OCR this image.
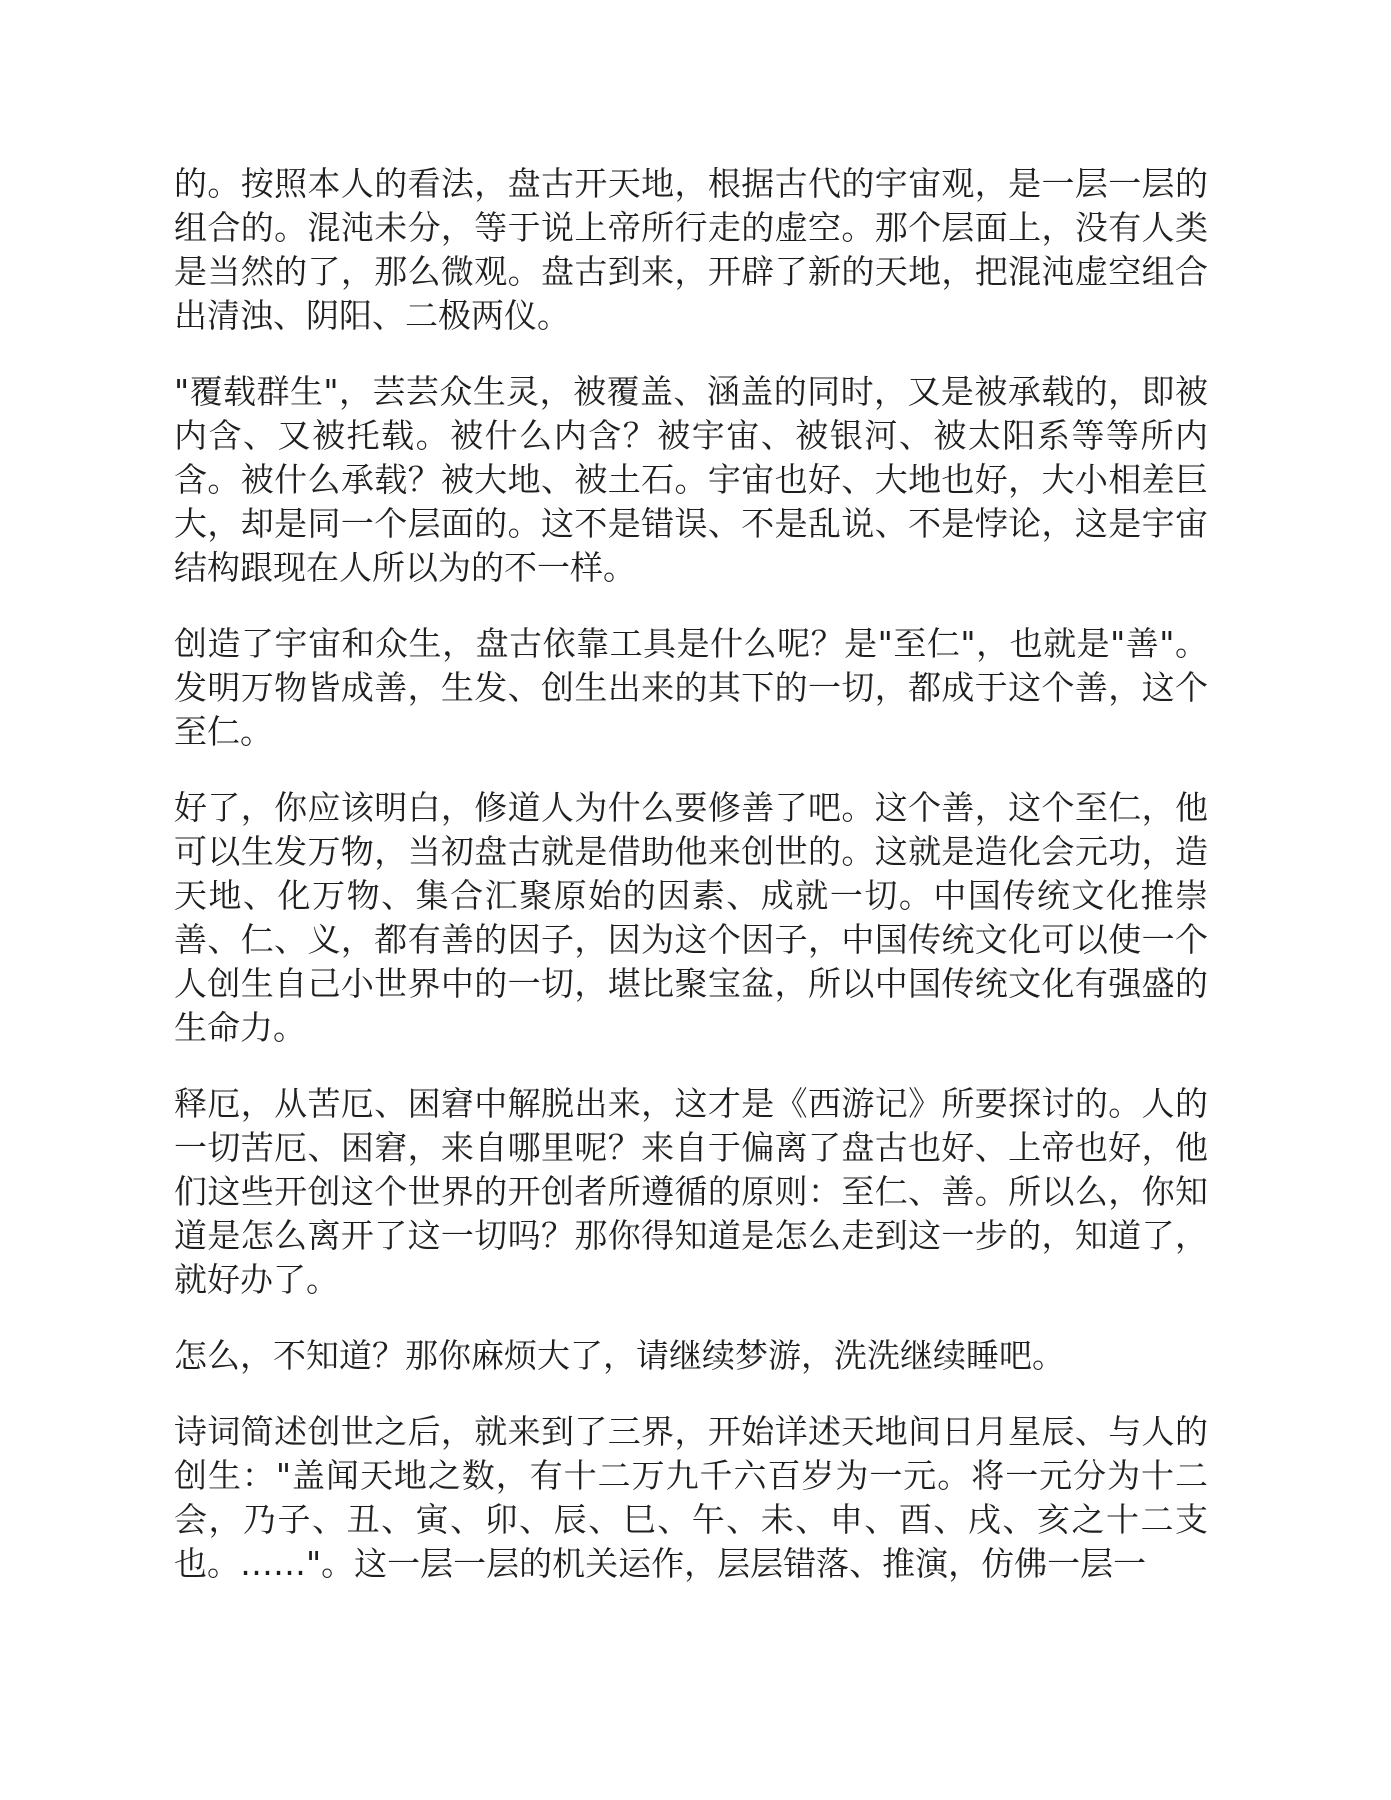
的。按照本人的看法，盘古开天地，根据古代的宇宙观，是一层一层的组合的。混沌未分，等于说上帝所行走的虚空。那个层面上，没有人类是当然的了，那么微观。盘古到来，开辟了新的天地，把混沌虚空组合出清浊、阴阳、二极两仪。

"覆载群生"，芸芸众生灵，被覆盖、涵盖的同时，又是被承载的，即被内含、又被托载。被什么内含？被宇宙、被银河、被太阳系等等所内含。被什么承载？被大地、被土石。宇宙也好、大地也好，大小相差巨大，却是同一个层面的。这不是错误、不是乱说、不是悖论，这是宇宙结构跟现在人所以为的不一样。

创造了宇宙和众生，盘古依靠工具是什么呢？是"至仁"，也就是"善"。发明万物皆成善，生发、创生出来的其下的一切，都成于这个善，这个至仁。

好了，你应该明白，修道人为什么要修善了吧。这个善，这个至仁，他可以生发万物，当初盘古就是借助他来创世的。这就是造化会元功，造天地、化万物、集合汇聚原始的因素、成就一切。中国传统文化推崇善、仁、义，都有善的因子，因为这个因子，中国传统文化可以使一个人创生自己小世界中的一切，堪比聚宝盆，所以中国传统文化有强盛的生命力。

释厄，从苦厄、困窘中解脱出来，这才是《西游记》所要探讨的。人的一切苦厄、困窘，来自哪里呢？来自于偏离了盘古也好、上帝也好，他们这些开创这个世界的开创者所遵循的原则：至仁、善。所以么，你知道是怎么离开了这一切吗？那你得知道是怎么走到这一步的，知道了，就好办了。

怎么，不知道？那你麻烦大了，请继续梦游，洗洗继续睡吧。

诗词简述创世之后，就来到了三界，开始详述天地间日月星辰、与人的创生："盖闻天地之数，有十二万九千六百岁为一元。将一元分为十二会，乃子、丑、寅、卯、辰、巳、午、未、申、酉、戌、亥之十二支也。……"。这一层一层的机关运作，层层错落、推演，仿佛一层一
